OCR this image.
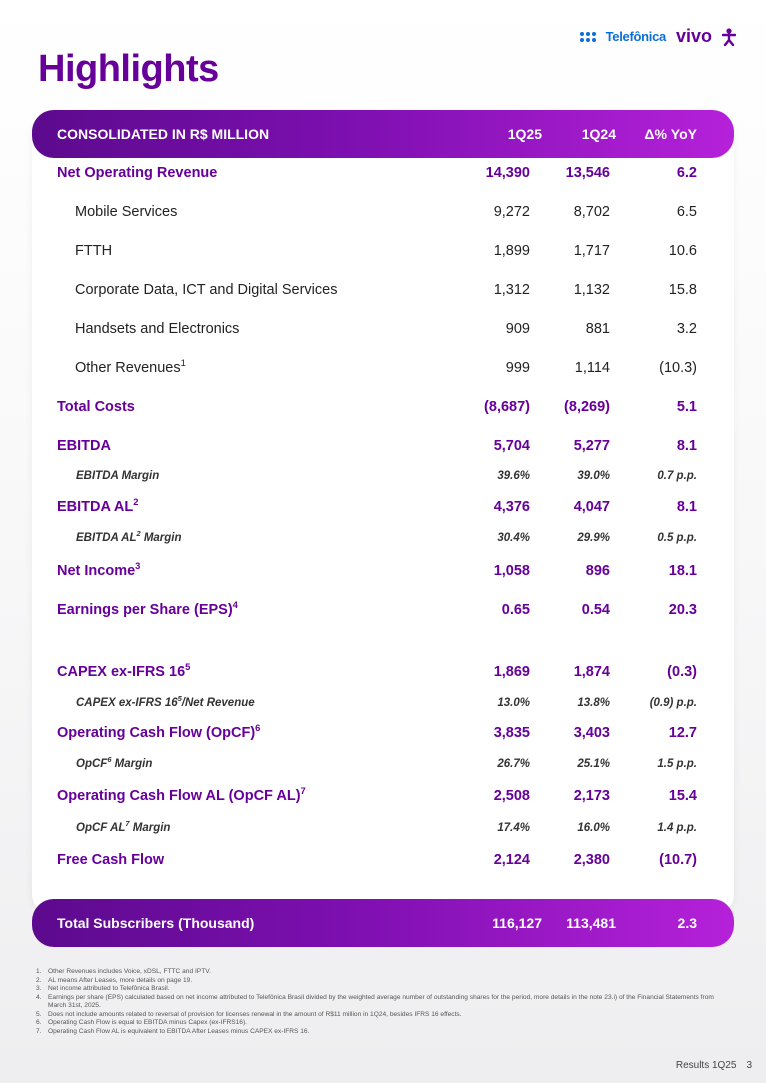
Telefônica vivo
Highlights
CONSOLIDATED IN R$ MILLION	1Q25	1Q24 Δ% YoY
Net Operating Revenue	14,390 13,546	6.2
Mobile Services	9,272	8,702	6.5
FTTH	1,899	1,717	10.6
Corporate Data, ICT and Digital Services	1,312	1,132	15.8
Handsets and Electronics	909	881	3.2
Other Revenues$^1$	999	1,114	(10.3)
Total Costs	(8,687) (8,269)	5.1
EBITDA	5,704	5,277	8.1
EBITDA Margin	39.6%	39.0%	0.7 p.p.
EBITDA $AL^2$	4,376	4,047	8.1
EBITDA $AL^2$ Margin	30.4%	29.9%	0.5 p.p.
Net Income$^3$	1,058	896	18.1
Earnings per Share (EPS)$^4$	0.65	0.54	20.3
CAPEX ex-IFRS $16^5$	1,869	1,874	(0.3)
CAPEX ex-IFRS $16^5$/Net Revenue	13.0%	13.8%	(0.9) p.p.
Operating Cash Flow (OpCF)$^6$	3,835	3,403	12.7
OpCF$^6$ Margin	26.7%	25.1%	1.5 p.p.
Operating Cash Flow AL (OpCF AL)$^7$	2,508	2,173	15.4
OpCF $AL^7$ Margin	17.4%	16.0%	1.4 p.p.
Free Cash Flow	2,124	2,380	(10.7)
Total Subscribers (Thousand)	116,127 113,481	2.3
1. Other Revenues includes Voice, xDSL, FTTC and IPTV.
2. AL means After Leases, more details on page 19.
3. Net income attributed to Telefônica Brasil.
4. Earnings per share (EPS) calculated based on net income attributed to Telefônica Brasil divided by the weighted average number of outstanding shares for the period, more details in the note 23.i) of the Financial Statements from March 31st, 2025.
5. Does not include amounts related to reversal of provision for licenses renewal in the amount of R$11 million in 1Q24, besides IFRS 16 effects.
6. Operating Cash Flow is equal to EBITDA minus Capex (ex-IFRS16).
7. Operating Cash Flow AL is equivalent to EBITDA After Leases minus CAPEX ex-IFRS 16.
Results 1Q25 3
